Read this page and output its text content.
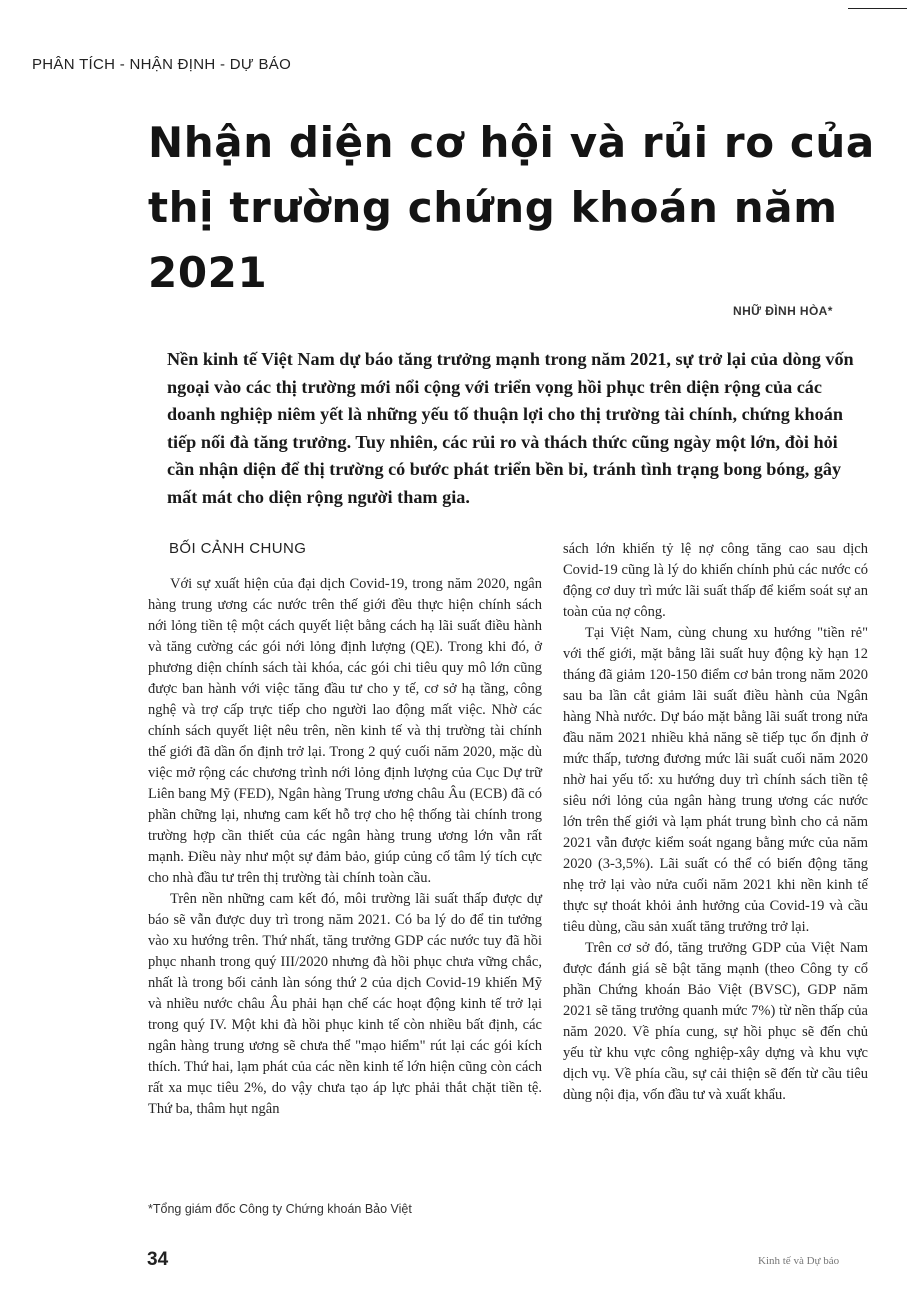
PHÂN TÍCH - NHẬN ĐỊNH - DỰ BÁO
Nhận diện cơ hội và rủi ro của thị trường chứng khoán năm 2021
NHỮ ĐÌNH HÒA*

Nền kinh tế Việt Nam dự báo tăng trưởng mạnh trong năm 2021, sự trở lại của dòng vốn ngoại vào các thị trường mới nổi cộng với triển vọng hồi phục trên diện rộng của các doanh nghiệp niêm yết là những yếu tố thuận lợi cho thị trường tài chính, chứng khoán tiếp nối đà tăng trưởng. Tuy nhiên, các rủi ro và thách thức cũng ngày một lớn, đòi hỏi cần nhận diện để thị trường có bước phát triển bền bỉ, tránh tình trạng bong bóng, gây mất mát cho diện rộng người tham gia.

BỐI CẢNH CHUNG

Với sự xuất hiện của đại dịch Covid-19, trong năm 2020, ngân hàng trung ương các nước trên thế giới đều thực hiện chính sách nới lỏng tiền tệ một cách quyết liệt bằng cách hạ lãi suất điều hành và tăng cường các gói nới lỏng định lượng (QE). Trong khi đó, ở phương diện chính sách tài khóa, các gói chi tiêu quy mô lớn cũng được ban hành với việc tăng đầu tư cho y tế, cơ sở hạ tầng, công nghệ và trợ cấp trực tiếp cho người lao động mất việc. Nhờ các chính sách quyết liệt nêu trên, nền kinh tế và thị trường tài chính thế giới đã dần ổn định trở lại. Trong 2 quý cuối năm 2020, mặc dù việc mở rộng các chương trình nới lỏng định lượng của Cục Dự trữ Liên bang Mỹ (FED), Ngân hàng Trung ương châu Âu (ECB) đã có phần chững lại, nhưng cam kết hỗ trợ cho hệ thống tài chính trong trường hợp cần thiết của các ngân hàng trung ương lớn vẫn rất mạnh. Điều này như một sự đảm bảo, giúp củng cố tâm lý tích cực cho nhà đầu tư trên thị trường tài chính toàn cầu.

Trên nền những cam kết đó, môi trường lãi suất thấp được dự báo sẽ vẫn được duy trì trong năm 2021. Có ba lý do để tin tưởng vào xu hướng trên. Thứ nhất, tăng trưởng GDP các nước tuy đã hồi phục nhanh trong quý III/2020 nhưng đà hồi phục chưa vững chắc, nhất là trong bối cảnh làn sóng thứ 2 của dịch Covid-19 khiến Mỹ và nhiều nước châu Âu phải hạn chế các hoạt động kinh tế trở lại trong quý IV. Một khi đà hồi phục kinh tế còn nhiều bất định, các ngân hàng trung ương sẽ chưa thể "mạo hiểm" rút lại các gói kích thích. Thứ hai, lạm phát của các nền kinh tế lớn hiện cũng còn cách rất xa mục tiêu 2%, do vậy chưa tạo áp lực phải thắt chặt tiền tệ. Thứ ba, thâm hụt ngân

sách lớn khiến tỷ lệ nợ công tăng cao sau dịch Covid-19 cũng là lý do khiến chính phủ các nước có động cơ duy trì mức lãi suất thấp để kiểm soát sự an toàn của nợ công.

Tại Việt Nam, cùng chung xu hướng "tiền rẻ" với thế giới, mặt bằng lãi suất huy động kỳ hạn 12 tháng đã giảm 120-150 điểm cơ bản trong năm 2020 sau ba lần cắt giảm lãi suất điều hành của Ngân hàng Nhà nước. Dự báo mặt bằng lãi suất trong nửa đầu năm 2021 nhiều khả năng sẽ tiếp tục ổn định ở mức thấp, tương đương mức lãi suất cuối năm 2020 nhờ hai yếu tố: xu hướng duy trì chính sách tiền tệ siêu nới lỏng của ngân hàng trung ương các nước lớn trên thế giới và lạm phát trung bình cho cả năm 2021 vẫn được kiểm soát ngang bằng mức của năm 2020 (3-3,5%). Lãi suất có thể có biến động tăng nhẹ trở lại vào nửa cuối năm 2021 khi nền kinh tế thực sự thoát khỏi ảnh hưởng của Covid-19 và cầu tiêu dùng, cầu sản xuất tăng trưởng trở lại.

Trên cơ sở đó, tăng trưởng GDP của Việt Nam được đánh giá sẽ bật tăng mạnh (theo Công ty cổ phần Chứng khoán Bảo Việt (BVSC), GDP năm 2021 sẽ tăng trưởng quanh mức 7%) từ nền thấp của năm 2020. Về phía cung, sự hồi phục sẽ đến chủ yếu từ khu vực công nghiệp-xây dựng và khu vực dịch vụ. Về phía cầu, sự cải thiện sẽ đến từ cầu tiêu dùng nội địa, vốn đầu tư và xuất khẩu.

*Tổng giám đốc Công ty Chứng khoán Bảo Việt
34	Kinh tế và Dự báo
